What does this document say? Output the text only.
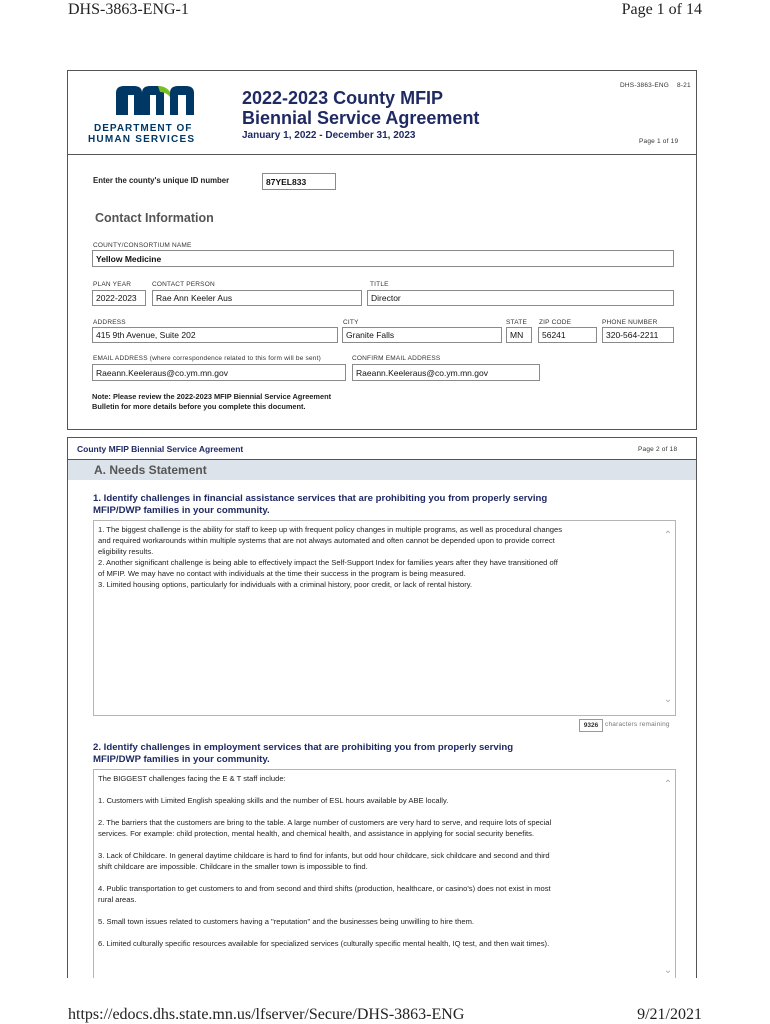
DHS-3863-ENG-1	Page 1 of 14
https://edocs.dhs.state.mn.us/lfserver/Secure/DHS-3863-ENG	9/21/2021
DEPARTMENT OF
HUMAN SERVICES
2022-2023 County MFIP
Biennial Service Agreement
January 1, 2022 - December 31, 2023
DHS-3863-ENG 8-21
Page 1 of 19
Enter the county's unique ID number	87YEL833
Contact Information
COUNTY/CONSORTIUM NAME
Yellow Medicine
PLAN YEAR	CONTACT PERSON	TITLE
2022-2023	Rae Ann Keeler Aus	Director
ADDRESS	CITY	STATE ZIP CODE	PHONE NUMBER
415 9th Avenue, Suite 202	Granite Falls	MN	56241	320-564-2211
EMAIL ADDRESS (where correspondence related to this form will be sent)	CONFIRM EMAIL ADDRESS
Raeann.Keeleraus@co.ym.mn.gov	Raeann.Keeleraus@co.ym.mn.gov
Note: Please review the 2022-2023 MFIP Biennial Service Agreement
Bulletin for more details before you complete this document.
County MFIP Biennial Service Agreement	Page 2 of 18
A. Needs Statement
1. Identify challenges in financial assistance services that are prohibiting you from properly serving
MFIP/DWP families in your community.

1. The biggest challenge is the ability for staff to keep up with frequent policy changes in multiple programs, as well as procedural changes

and required workarounds within multiple systems that are not always automated and often cannot be depended upon to provide correct

eligibility results.

2. Another significant challenge is being able to effectively impact the Self-Support Index for families years after they have transitioned off

of MFIP. We may have no contact with individuals at the time their success in the program is being measured.

3. Limited housing options, particularly for individuals with a criminal history, poor credit, or lack of rental history.

⌃
⌄
9326	characters remaining
2. Identify challenges in employment services that are prohibiting you from properly serving
MFIP/DWP families in your community.

The BIGGEST challenges facing the E & T staff include:

1. Customers with Limited English speaking skills and the number of ESL hours available by ABE locally.

2. The barriers that the customers are bring to the table. A large number of customers are very hard to serve, and require lots of special

services. For example: child protection, mental health, and chemical health, and assistance in applying for social security benefits.

3. Lack of Childcare. In general daytime childcare is hard to find for infants, but odd hour childcare, sick childcare and second and third

shift childcare are impossible. Childcare in the smaller town is impossible to find.

4. Public transportation to get customers to and from second and third shifts (production, healthcare, or casino's) does not exist in most

rural areas.

5. Small town issues related to customers having a "reputation" and the businesses being unwilling to hire them.

6. Limited culturally specific resources available for specialized services (culturally specific mental health, IQ test, and then wait times).

⌃
⌄
